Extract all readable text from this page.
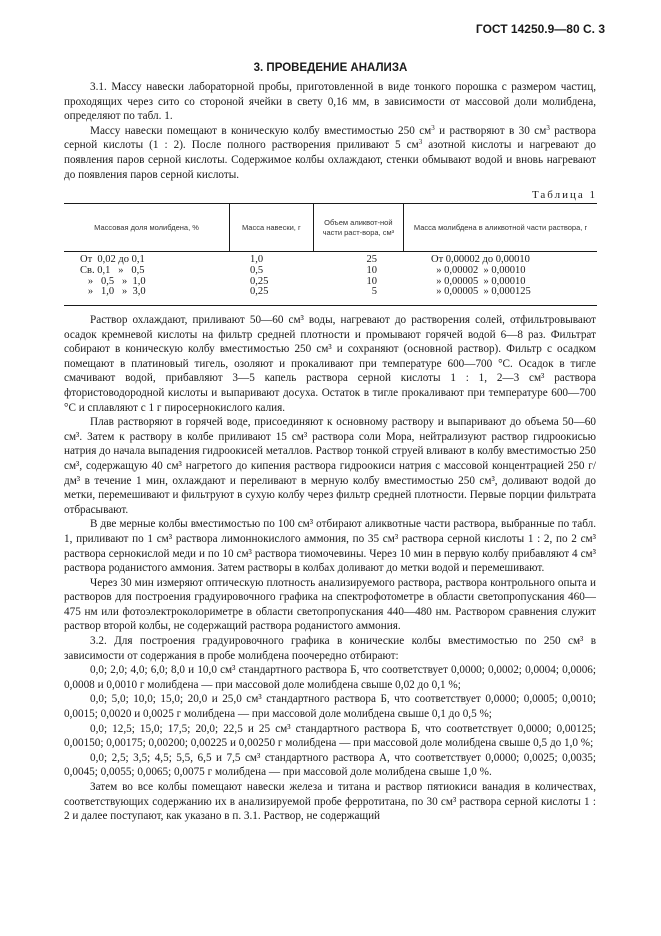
ГОСТ 14250.9—80 С. 3
3. ПРОВЕДЕНИЕ АНАЛИЗА

3.1. Массу навески лабораторной пробы, приготовленной в виде тонкого порошка с размером частиц, проходящих через сито со стороной ячейки в свету 0,16 мм, в зависимости от массовой доли молибдена, определяют по табл. 1.

Массу навески помещают в коническую колбу вместимостью 250 $см^3$ и растворяют в 30 $см^3$ раствора серной кислоты (1 : 2). После полного растворения приливают 5 $см^3$ азотной кислоты и нагревают до появления паров серной кислоты. Содержимое колбы охлаждают, стенки обмывают водой и вновь нагревают до появления паров серной кислоты.

Таблица 1
Массовая доля молибдена, %	Масса навески, г
Объем аликвот-ной части раст-вора, см³
Масса молибдена в аликвотной части раствора, г
От  0,02 до 0,1
Св. 0,1   »   0,5
»   0,5   »  1,0
»   1,0   »  3,0
1,0
0,5
0,25
0,25
25
10
10
5
От 0,00002 до 0,00010
» 0,00002  » 0,00010
» 0,00005  » 0,00010
» 0,00005  » 0,000125

Раствор охлаждают, приливают 50—60 см³ воды, нагревают до растворения солей, отфильтровывают осадок кремневой кислоты на фильтр средней плотности и промывают горячей водой 6—8 раз. Фильтрат собирают в коническую колбу вместимостью 250 см³ и сохраняют (основной раствор). Фильтр с осадком помещают в платиновый тигель, озоляют и прокаливают при температуре 600—700 °С. Осадок в тигле смачивают водой, прибавляют 3—5 капель раствора серной кислоты 1 : 1, 2—3 см³ раствора фтористоводородной кислоты и выпаривают досуха. Остаток в тигле прокаливают при температуре 600—700 °С и сплавляют с 1 г пиросернокислого калия.

Плав растворяют в горячей воде, присоединяют к основному раствору и выпаривают до объема 50—60 см³. Затем к раствору в колбе приливают 15 см³ раствора соли Мора, нейтрализуют раствор гидроокисью натрия до начала выпадения гидроокисей металлов. Раствор тонкой струей вливают в колбу вместимостью 250 см³, содержащую 40 см³ нагретого до кипения раствора гидроокиси натрия с массовой концентрацией 250 г/дм³ в течение 1 мин, охлаждают и переливают в мерную колбу вместимостью 250 см³, доливают водой до метки, перемешивают и фильтруют в сухую колбу через фильтр средней плотности. Первые порции фильтрата отбрасывают.

В две мерные колбы вместимостью по 100 см³ отбирают аликвотные части раствора, выбранные по табл. 1, приливают по 1 см³ раствора лимоннокислого аммония, по 35 см³ раствора серной кислоты 1 : 2, по 2 см³ раствора сернокислой меди и по 10 см³ раствора тиомочевины. Через 10 мин в первую колбу прибавляют 4 см³ раствора роданистого аммония. Затем растворы в колбах доливают до метки водой и перемешивают.

Через 30 мин измеряют оптическую плотность анализируемого раствора, раствора контрольного опыта и растворов для построения градуировочного графика на спектрофотометре в области светопропускания 460—475 нм или фотоэлектроколориметре в области светопропускания 440—480 нм. Раствором сравнения служит раствор второй колбы, не содержащий раствора роданистого аммония.

3.2. Для построения градуировочного графика в конические колбы вместимостью по 250 см³ в зависимости от содержания в пробе молибдена поочередно отбирают:

0,0; 2,0; 4,0; 6,0; 8,0 и 10,0 см³ стандартного раствора Б, что соответствует 0,0000; 0,0002; 0,0004; 0,0006; 0,0008 и 0,0010 г молибдена — при массовой доле молибдена свыше 0,02 до 0,1 %;

0,0; 5,0; 10,0; 15,0; 20,0 и 25,0 см³ стандартного раствора Б, что соответствует 0,0000; 0,0005; 0,0010; 0,0015; 0,0020 и 0,0025 г молибдена — при массовой доле молибдена свыше 0,1 до 0,5 %;

0,0; 12,5; 15,0; 17,5; 20,0; 22,5 и 25 см³ стандартного раствора Б, что соответствует 0,0000; 0,00125; 0,00150; 0,00175; 0,00200; 0,00225 и 0,00250 г молибдена — при массовой доле молибдена свыше 0,5 до 1,0 %;

0,0; 2,5; 3,5; 4,5; 5,5, 6,5 и 7,5 см³ стандартного раствора А, что соответствует 0,0000; 0,0025; 0,0035; 0,0045; 0,0055; 0,0065; 0,0075 г молибдена — при массовой доле молибдена свыше 1,0 %.

Затем во все колбы помещают навески железа и титана и раствор пятиокиси ванадия в количествах, соответствующих содержанию их в анализируемой пробе ферротитана, по 30 см³ раствора серной кислоты 1 : 2 и далее поступают, как указано в п. 3.1. Раствор, не содержащий
